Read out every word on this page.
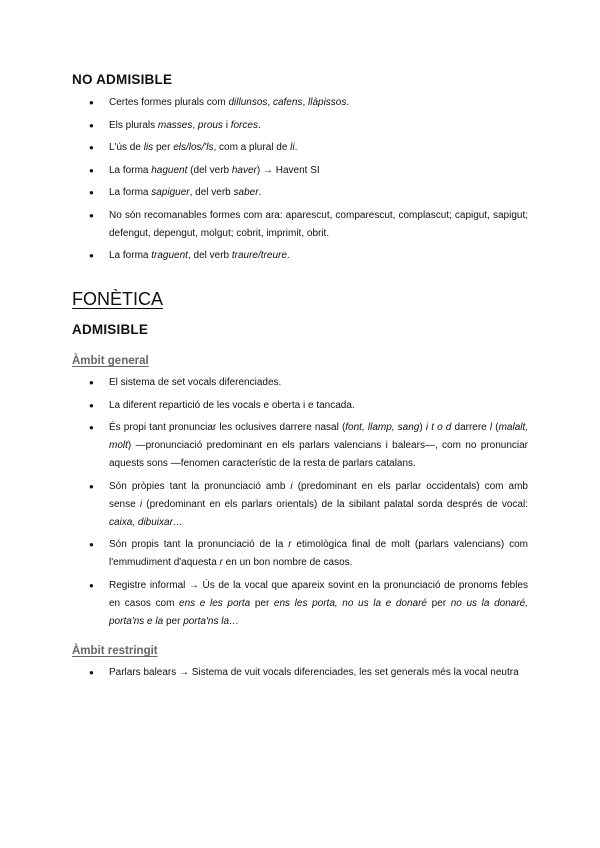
NO ADMISIBLE
● Certes formes plurals com dillunsos, cafens, llàpissos.
● Els plurals masses, prous i forces.
● L'ús de lis per els/los/'ls, com a plural de li.
● La forma haguent (del verb haver) → Havent SI
● La forma sapiguer, del verb saber.
● No són recomanables formes com ara: aparescut, comparescut, complascut; capigut, sapigut; defengut, depengut, molgut; cobrit, imprimit, obrit.
● La forma traguent, del verb traure/treure.
FONÈTICA
ADMISIBLE
Àmbit general
● El sistema de set vocals diferenciades.
● La diferent repartició de les vocals e oberta i e tancada.
● És propi tant pronunciar les oclusives darrere nasal (font, llamp, sang) i t o d darrere l (malalt, molt) —pronunciació predominant en els parlars valencians i balears—, com no pronunciar aquests sons —fenomen característic de la resta de parlars catalans.
● Són pròpies tant la pronunciació amb i (predominant en els parlar occidentals) com amb sense i (predominant en els parlars orientals) de la sibilant palatal sorda després de vocal: caixa, dibuixar…
● Són propis tant la pronunciació de la r etimològica final de molt (parlars valencians) com l'emmudiment d'aquesta r en un bon nombre de casos.
● Registre informal → Ús de la vocal que apareix sovint en la pronunciació de pronoms febles en casos com ens e les porta per ens les porta, no us la e donaré per no us la donaré, porta'ns e la per porta'ns la…
Àmbit restringit
● Parlars balears → Sistema de vuit vocals diferenciades, les set generals més la vocal neutra
